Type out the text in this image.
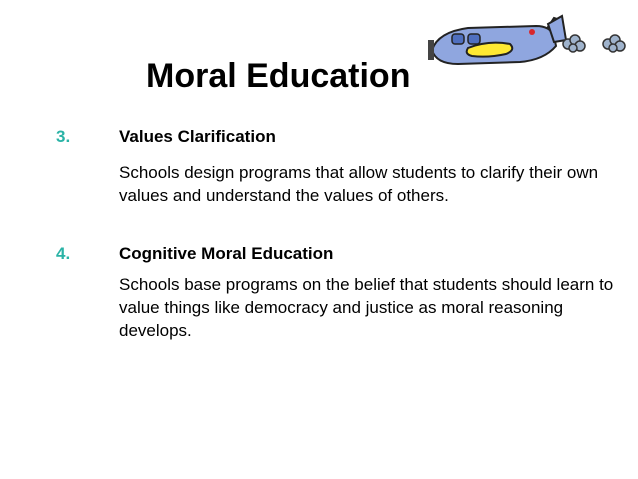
Moral Education
3.	Values Clarification
Schools design programs that allow students to clarify their own values and understand the values of others.
4.	Cognitive Moral Education
Schools base programs on the belief that students should learn to value things like democracy and justice as moral reasoning develops.
